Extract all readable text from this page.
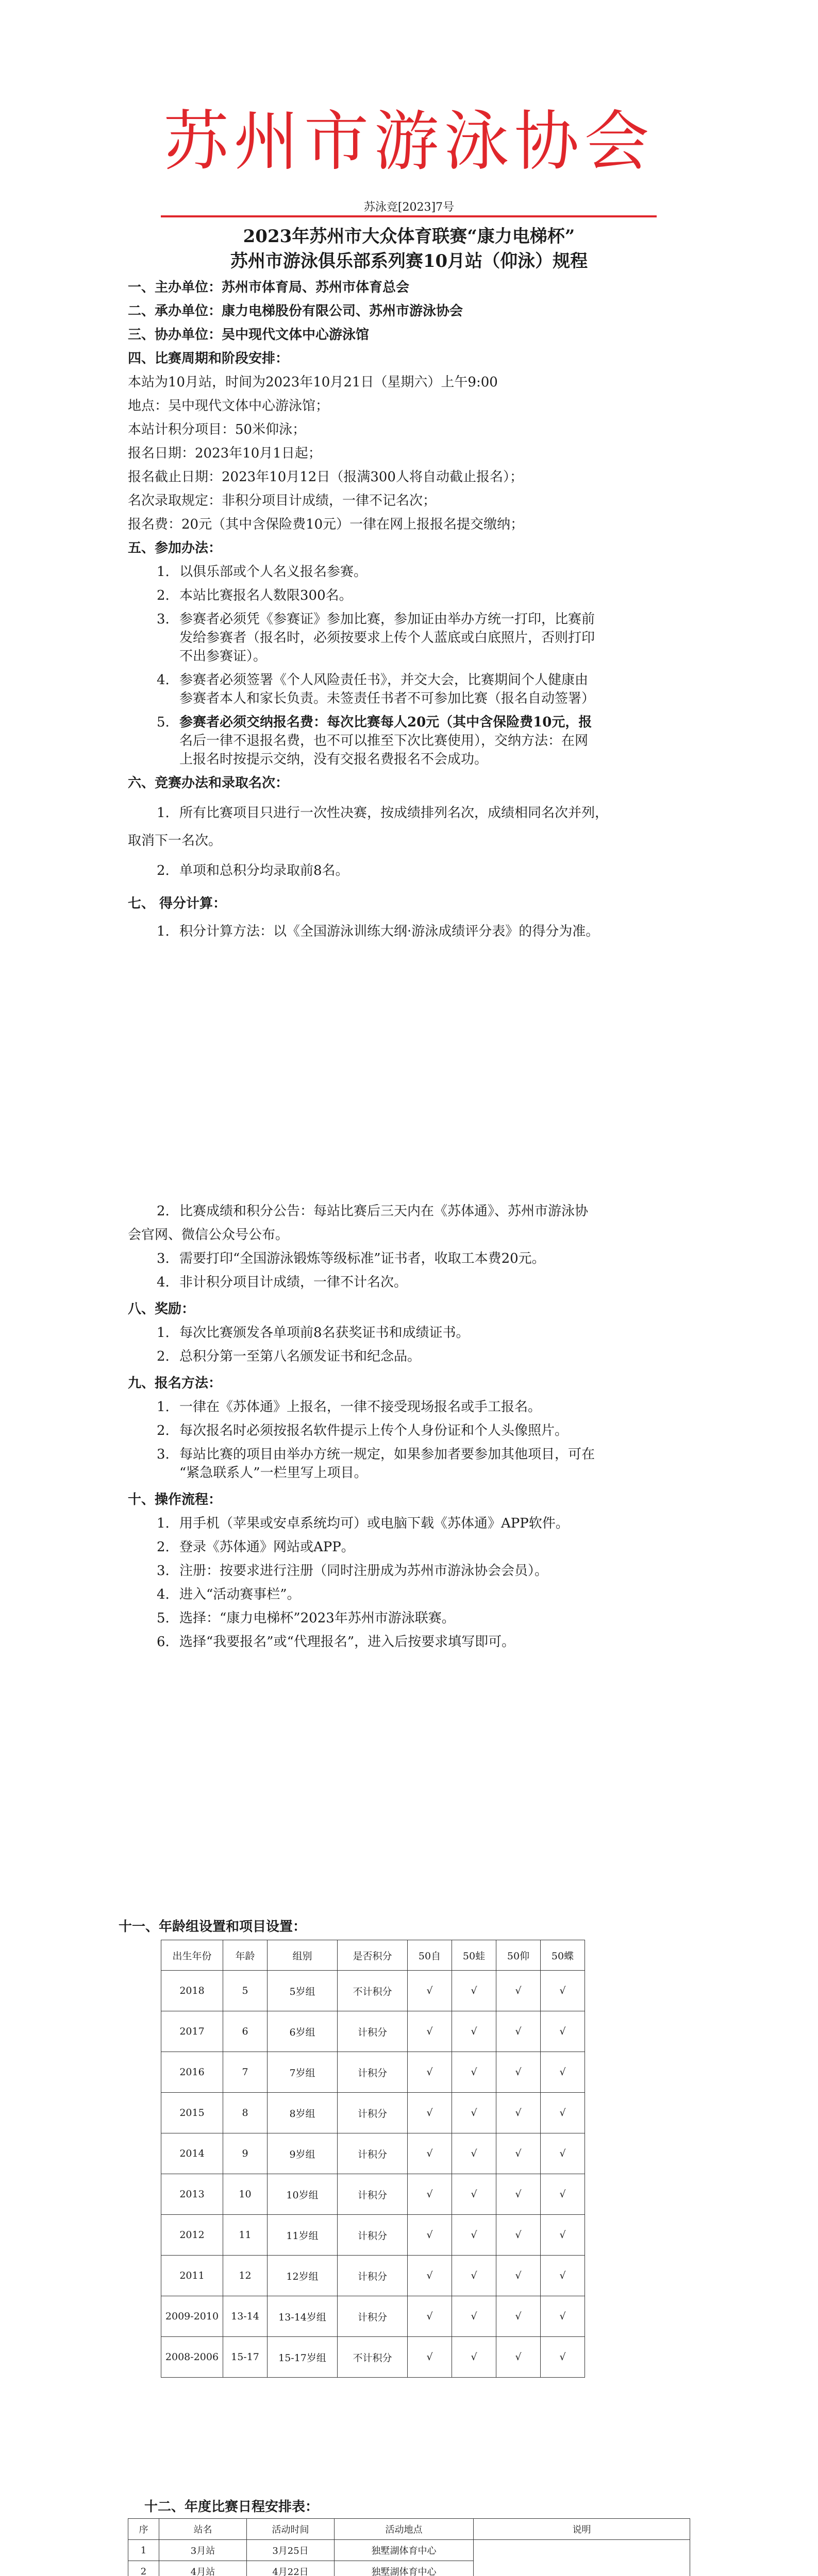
苏州市游泳协会
苏泳竞[2023]7号
2023年苏州市大众体育联赛“康力电梯杯”
苏州市游泳俱乐部系列赛10月站（仰泳）规程
一、主办单位：苏州市体育局、苏州市体育总会
二、承办单位：康力电梯股份有限公司、苏州市游泳协会
三、协办单位：吴中现代文体中心游泳馆
四、比赛周期和阶段安排：
本站为10月站，时间为2023年10月21日（星期六）上午9:00
地点：吴中现代文体中心游泳馆；
本站计积分项目：50米仰泳；
报名日期：2023年10月1日起；
报名截止日期：2023年10月12日（报满300人将自动截止报名）；
名次录取规定：非积分项目计成绩，一律不记名次；
报名费：20元（其中含保险费10元）一律在网上报报名提交缴纳；
五、参加办法：
1. 以俱乐部或个人名义报名参赛。
2. 本站比赛报名人数限300名。
3. 参赛者必须凭《参赛证》参加比赛，参加证由举办方统一打印，比赛前
发给参赛者（报名时，必须按要求上传个人蓝底或白底照片，否则打印
不出参赛证）。
4. 参赛者必须签署《个人风险责任书》，并交大会，比赛期间个人健康由
参赛者本人和家长负责。未签责任书者不可参加比赛（报名自动签署）
5. 参赛者必须交纳报名费：每次比赛每人20元（其中含保险费10元，报
名后一律不退报名费，也不可以推至下次比赛使用），交纳方法：在网
上报名时按提示交纳，没有交报名费报名不会成功。
六、竞赛办法和录取名次：
1. 所有比赛项目只进行一次性决赛，按成绩排列名次，成绩相同名次并列，
取消下一名次。
2. 单项和总积分均录取前8名。
七、 得分计算：
1. 积分计算方法：以《全国游泳训练大纲·游泳成绩评分表》的得分为准。
2. 比赛成绩和积分公告：每站比赛后三天内在《苏体通》、苏州市游泳协
会官网、微信公众号公布。
3. 需要打印“全国游泳锻炼等级标准”证书者，收取工本费20元。
4. 非计积分项目计成绩，一律不计名次。
八、奖励：
1. 每次比赛颁发各单项前8名获奖证书和成绩证书。
2. 总积分第一至第八名颁发证书和纪念品。
九、报名方法：
1. 一律在《苏体通》上报名，一律不接受现场报名或手工报名。
2. 每次报名时必须按报名软件提示上传个人身份证和个人头像照片。
3. 每站比赛的项目由举办方统一规定，如果参加者要参加其他项目，可在
“紧急联系人”一栏里写上项目。
十、操作流程：
1. 用手机（苹果或安卓系统均可）或电脑下载《苏体通》APP软件。
2. 登录《苏体通》网站或APP。
3. 注册：按要求进行注册（同时注册成为苏州市游泳协会会员）。
4. 进入“活动赛事栏”。
5. 选择：“康力电梯杯”2023年苏州市游泳联赛。
6. 选择“我要报名”或“代理报名”，进入后按要求填写即可。
十一、年龄组设置和项目设置：
出生年份	年龄	组别	是否积分	50自	50蛙	50仰	50蝶
2018	5	5岁组	不计积分	√	√	√	√
2017	6	6岁组	计积分	√	√	√	√
2016	7	7岁组	计积分	√	√	√	√
2015	8	8岁组	计积分	√	√	√	√
2014	9	9岁组	计积分	√	√	√	√
2013	10	10岁组	计积分	√	√	√	√
2012	11	11岁组	计积分	√	√	√	√
2011	12	12岁组	计积分	√	√	√	√
2009-2010	13-14	13-14岁组	计积分	√	√	√	√
2008-2006	15-17	15-17岁组	不计积分	√	√	√	√
十二、年度比赛日程安排表：
序	站名	活动时间	活动地点	说明
1	3月站	3月25日	独墅湖体育中心	
2	4月站	4月22日	独墅湖体育中心	
